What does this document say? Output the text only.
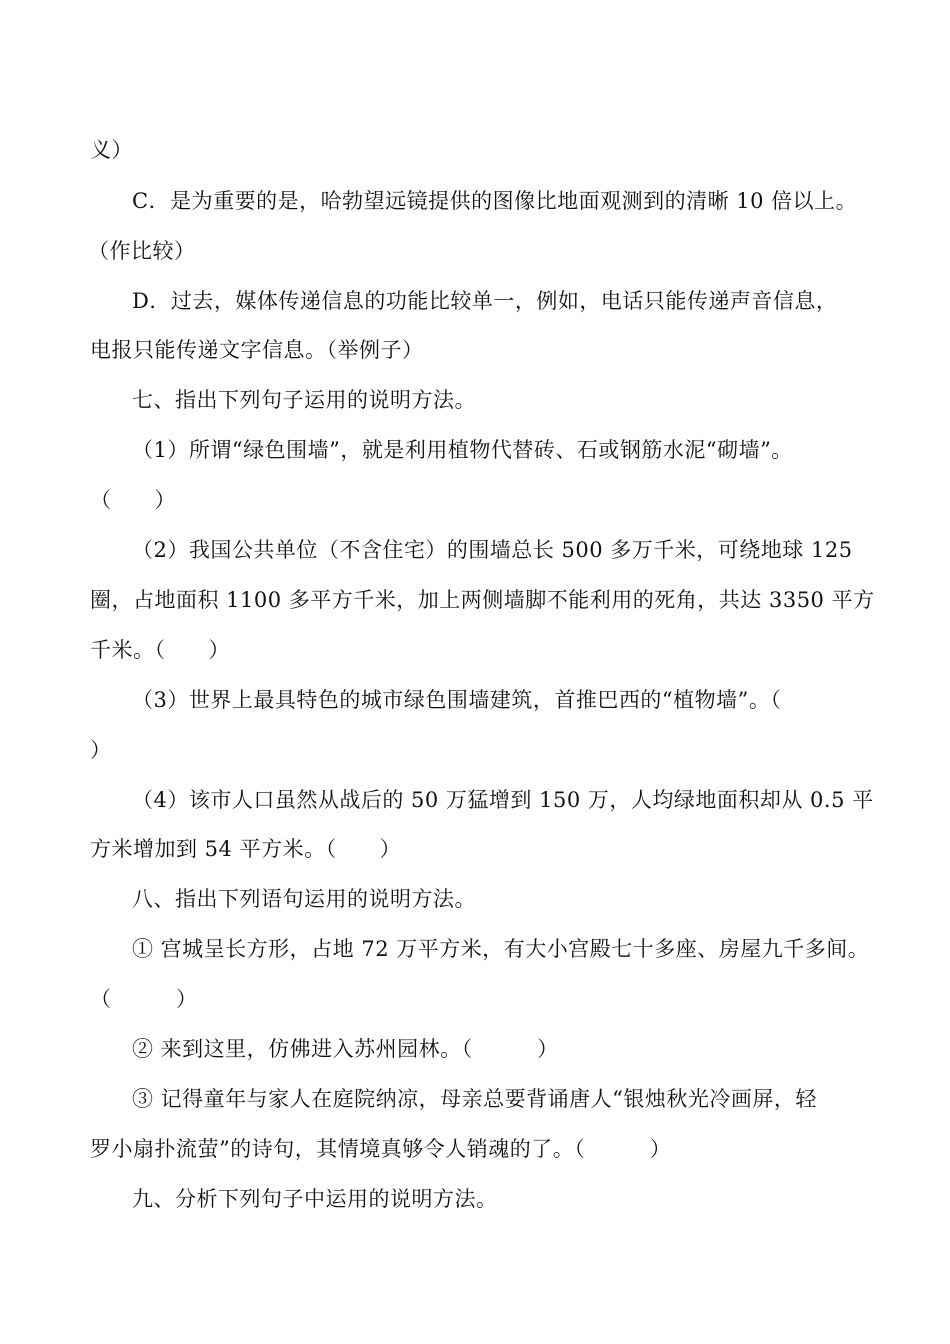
义）
C．是为重要的是，哈勃望远镜提供的图像比地面观测到的清晰 10 倍以上。
（作比较）
D．过去，媒体传递信息的功能比较单一，例如，电话只能传递声音信息，
电报只能传递文字信息。（举例子）
七、指出下列句子运用的说明方法。
（1）所谓“绿色围墙”，就是利用植物代替砖、石或钢筋水泥“砌墙”。
（　　）
（2）我国公共单位（不含住宅）的围墙总长 500 多万千米，可绕地球 125
圈，占地面积 1100 多平方千米，加上两侧墙脚不能利用的死角，共达 3350 平方
千米。（　　）
（3）世界上最具特色的城市绿色围墙建筑，首推巴西的“植物墙”。（
）
（4）该市人口虽然从战后的 50 万猛增到 150 万，人均绿地面积却从 0.5 平
方米增加到 54 平方米。（　　）
八、指出下列语句运用的说明方法。
① 宫城呈长方形，占地 72 万平方米，有大小宫殿七十多座、房屋九千多间。
（　　　）
② 来到这里，仿佛进入苏州园林。（　　　）
③ 记得童年与家人在庭院纳凉，母亲总要背诵唐人“银烛秋光冷画屏，轻
罗小扇扑流萤”的诗句，其情境真够令人销魂的了。（　　　）
九、分析下列句子中运用的说明方法。
